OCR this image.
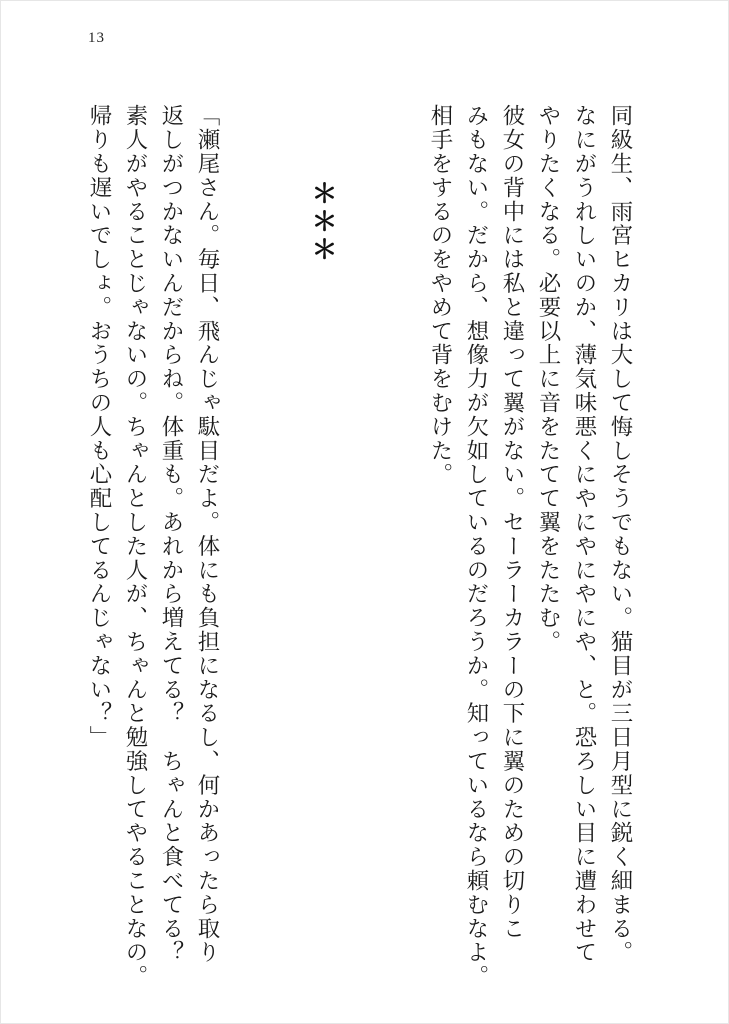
13
同級生、雨宮ヒカリは大して悔しそうでもない。猫目が三日月型に鋭く細まる。
なにがうれしいのか、薄気味悪くにやにやにやにや、と。恐ろしい目に遭わせて
やりたくなる。必要以上に音をたてて翼をたたむ。
彼女の背中には私と違って翼がない。セーラーカラーの下に翼のための切りこ
みもない。だから、想像力が欠如しているのだろうか。知っているなら頼むなよ。
相手をするのをやめて背をむけた。
＊＊＊
「瀬尾さん。毎日、飛んじゃ駄目だよ。体にも負担になるし、何かあったら取り
返しがつかないんだからね。体重も。あれから増えてる？　ちゃんと食べてる？
素人がやることじゃないの。ちゃんとした人が、ちゃんと勉強してやることなの。
帰りも遅いでしょ。おうちの人も心配してるんじゃない？」
